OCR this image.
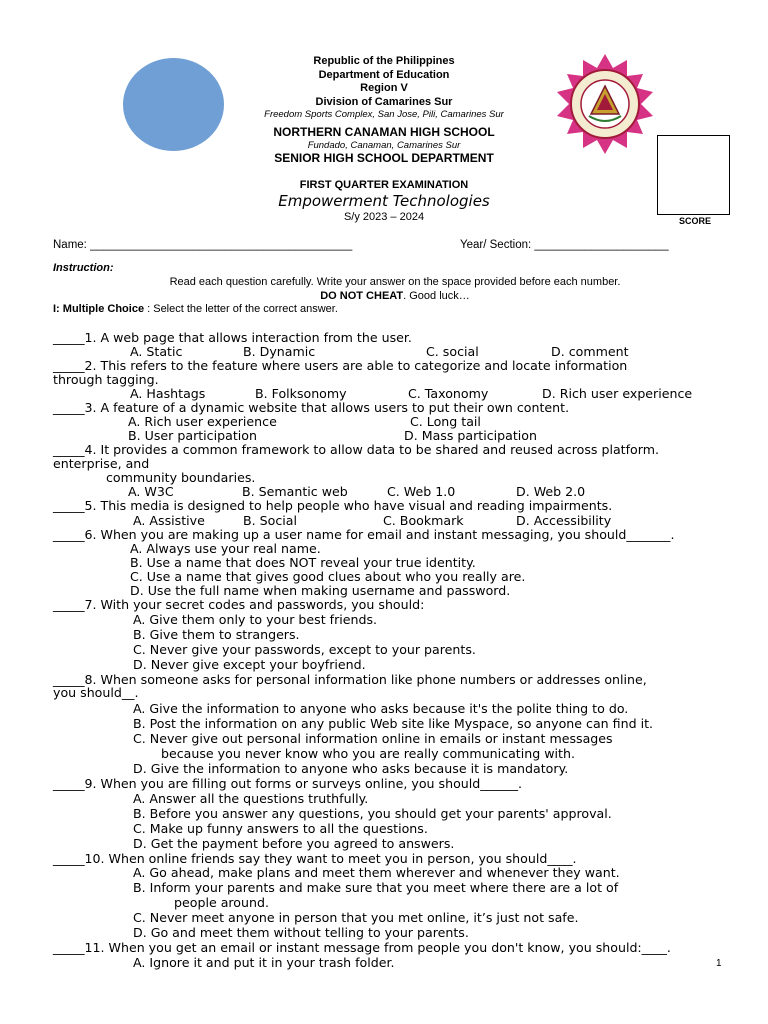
SCORE
Republic of the Philippines
Department of Education
Region V
Division of Camarines Sur
Freedom Sports Complex, San Jose, Pili, Camarines Sur
NORTHERN CANAMAN HIGH SCHOOL
Fundado, Canaman, Camarines Sur
SENIOR HIGH SCHOOL DEPARTMENT
FIRST QUARTER EXAMINATION
Empowerment Technologies
S/y 2023 – 2024
Name: _________________________________________	Year/ Section: _____________________
Instruction:
Read each question carefully. Write your answer on the space provided before each number.
DO NOT CHEAT. Good luck…
I: Multiple Choice : Select the letter of the correct answer.
_____1. A web page that allows interaction from the user.
A. Static	B. Dynamic	C. social	D. comment
_____2. This refers to the feature where users are able to categorize and locate information
through tagging.
A. Hashtags	B. Folksonomy	C. Taxonomy	D. Rich user experience
_____3. A feature of a dynamic website that allows users to put their own content.
A. Rich user experience	C. Long tail
B. User participation	D. Mass participation
_____4. It provides a common framework to allow data to be shared and reused across platform.
enterprise, and
community boundaries.
A. W3C	B. Semantic web	C. Web 1.0	D. Web 2.0
_____5. This media is designed to help people who have visual and reading impairments.
A. Assistive	B. Social	C. Bookmark	D. Accessibility
_____6. When you are making up a user name for email and instant messaging, you should_______.
A. Always use your real name.
B. Use a name that does NOT reveal your true identity.
C. Use a name that gives good clues about who you really are.
D. Use the full name when making username and password.
_____7. With your secret codes and passwords, you should:
A. Give them only to your best friends.
B. Give them to strangers.
C. Never give your passwords, except to your parents.
D. Never give except your boyfriend.
_____8. When someone asks for personal information like phone numbers or addresses online,
you should__.
A. Give the information to anyone who asks because it's the polite thing to do.
B. Post the information on any public Web site like Myspace, so anyone can find it.
C. Never give out personal information online in emails or instant messages
because you never know who you are really communicating with.
D. Give the information to anyone who asks because it is mandatory.
_____9. When you are filling out forms or surveys online, you should______.
A. Answer all the questions truthfully.
B. Before you answer any questions, you should get your parents' approval.
C. Make up funny answers to all the questions.
D. Get the payment before you agreed to answers.
_____10. When online friends say they want to meet you in person, you should____.
A. Go ahead, make plans and meet them wherever and whenever they want.
B. Inform your parents and make sure that you meet where there are a lot of
people around.
C. Never meet anyone in person that you met online, it’s just not safe.
D. Go and meet them without telling to your parents.
_____11. When you get an email or instant message from people you don't know, you should:____.
A. Ignore it and put it in your trash folder.	1
